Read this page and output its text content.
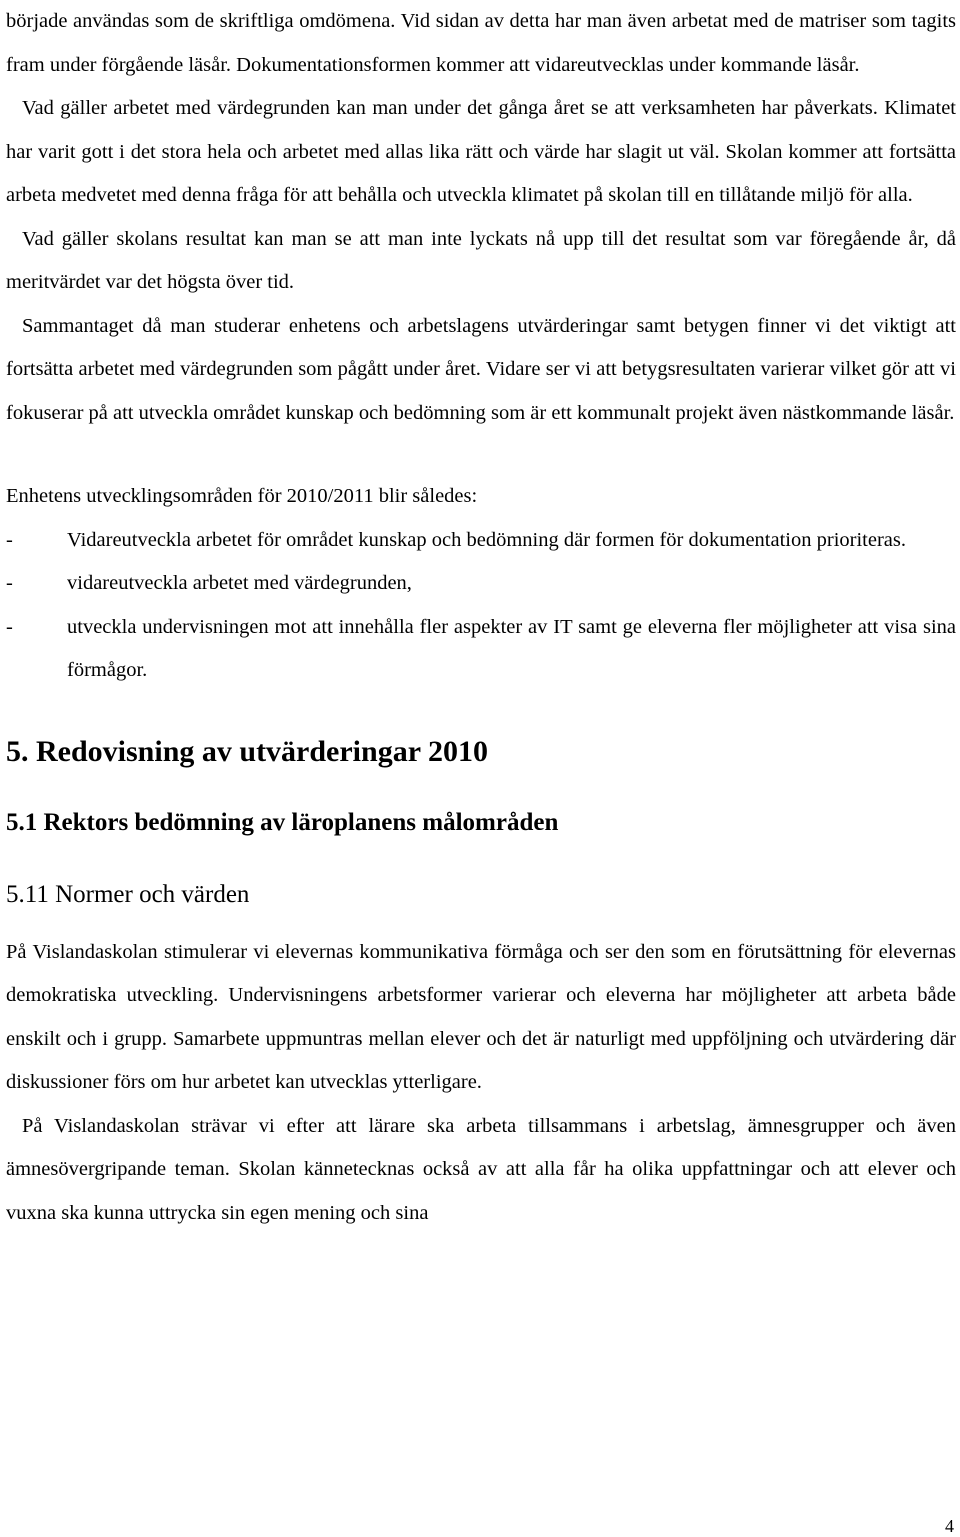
började användas som de skriftliga omdömena. Vid sidan av detta har man även arbetat med de matriser som tagits fram under förgående läsår. Dokumentationsformen kommer att vidareutvecklas under kommande läsår.

Vad gäller arbetet med värdegrunden kan man under det gånga året se att verksamheten har påverkats. Klimatet har varit gott i det stora hela och arbetet med allas lika rätt och värde har slagit ut väl. Skolan kommer att fortsätta arbeta medvetet med denna fråga för att behålla och utveckla klimatet på skolan till en tillåtande miljö för alla.

Vad gäller skolans resultat kan man se att man inte lyckats nå upp till det resultat som var föregående år, då meritvärdet var det högsta över tid.

Sammantaget då man studerar enhetens och arbetslagens utvärderingar samt betygen finner vi det viktigt att fortsätta arbetet med värdegrunden som pågått under året. Vidare ser vi att betygsresultaten varierar vilket gör att vi fokuserar på att utveckla området kunskap och bedömning som är ett kommunalt projekt även nästkommande läsår.

Enhetens utvecklingsområden för 2010/2011 blir således:

-	Vidareutveckla arbetet för området kunskap och bedömning där formen för dokumentation prioriteras.
-	vidareutveckla arbetet med värdegrunden,
-	utveckla undervisningen mot att innehålla fler aspekter av IT samt ge eleverna fler möjligheter att visa sina förmågor.
5. Redovisning av utvärderingar 2010
5.1 Rektors bedömning av läroplanens målområden
5.11 Normer och värden

På Vislandaskolan stimulerar vi elevernas kommunikativa förmåga och ser den som en förutsättning för elevernas demokratiska utveckling. Undervisningens arbetsformer varierar och eleverna har möjligheter att arbeta både enskilt och i grupp. Samarbete uppmuntras mellan elever och det är naturligt med uppföljning och utvärdering där diskussioner förs om hur arbetet kan utvecklas ytterligare.

På Vislandaskolan strävar vi efter att lärare ska arbeta tillsammans i arbetslag, ämnesgrupper och även ämnesövergripande teman. Skolan kännetecknas också av att alla får ha olika uppfattningar och att elever och vuxna ska kunna uttrycka sin egen mening och sina

4
